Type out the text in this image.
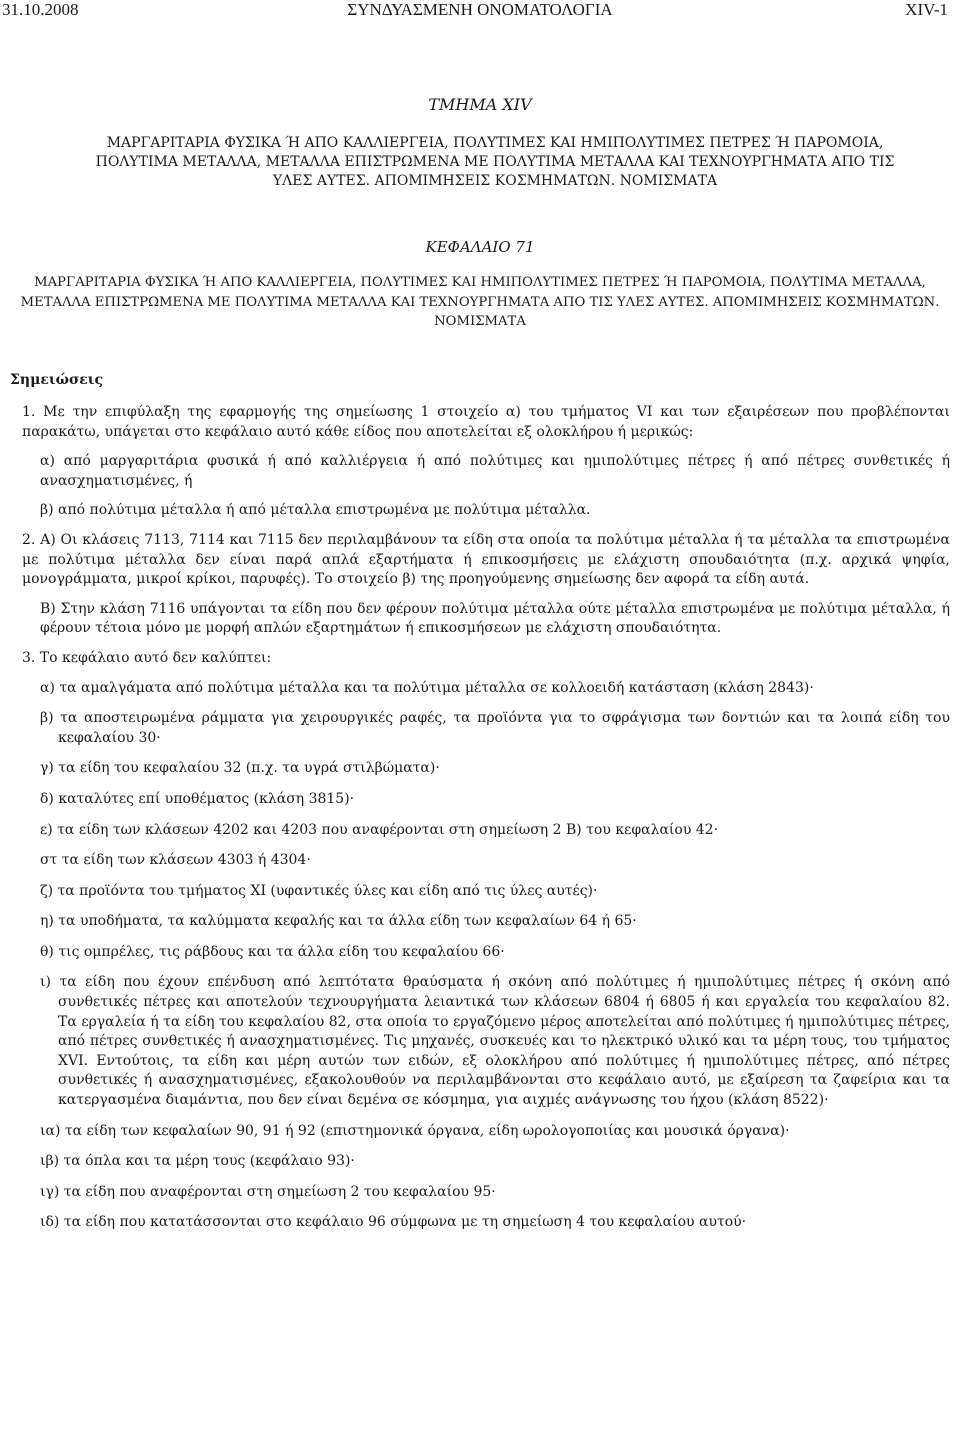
31.10.2008	ΣΥΝΔΥΑΣΜΕΝΗ ΟΝΟΜΑΤΟΛΟΓΙΑ	XIV-1
ΤΜΗΜΑ XIV
ΜΑΡΓΑΡΙΤΑΡΙΑ ΦΥΣΙΚΑ Ή ΑΠΟ ΚΑΛΛΙΕΡΓΕΙΑ, ΠΟΛΥΤΙΜΕΣ ΚΑΙ ΗΜΙΠΟΛΥΤΙΜΕΣ ΠΕΤΡΕΣ Ή ΠΑΡΟΜΟΙΑ, ΠΟΛΥΤΙΜΑ ΜΕΤΑΛΛΑ, ΜΕΤΑΛΛΑ ΕΠΙΣΤΡΩΜΕΝΑ ΜΕ ΠΟΛΥΤΙΜΑ ΜΕΤΑΛΛΑ ΚΑΙ ΤΕΧΝΟΥΡΓΗΜΑΤΑ ΑΠΟ ΤΙΣ ΥΛΕΣ ΑΥΤΕΣ. ΑΠΟΜΙΜΗΣΕΙΣ ΚΟΣΜΗΜΑΤΩΝ. ΝΟΜΙΣΜΑΤΑ
ΚΕΦΑΛΑΙΟ 71
ΜΑΡΓΑΡΙΤΑΡΙΑ ΦΥΣΙΚΑ Ή ΑΠΟ ΚΑΛΛΙΕΡΓΕΙΑ, ΠΟΛΥΤΙΜΕΣ ΚΑΙ ΗΜΙΠΟΛΥΤΙΜΕΣ ΠΕΤΡΕΣ Ή ΠΑΡΟΜΟΙΑ, ΠΟΛΥΤΙΜΑ ΜΕΤΑΛΛΑ, ΜΕΤΑΛΛΑ ΕΠΙΣΤΡΩΜΕΝΑ ΜΕ ΠΟΛΥΤΙΜΑ ΜΕΤΑΛΛΑ ΚΑΙ ΤΕΧΝΟΥΡΓΗΜΑΤΑ ΑΠΟ ΤΙΣ ΥΛΕΣ ΑΥΤΕΣ. ΑΠΟΜΙΜΗΣΕΙΣ ΚΟΣΜΗΜΑΤΩΝ. ΝΟΜΙΣΜΑΤΑ
Σημειώσεις

1. Με την επιφύλαξη της εφαρμογής της σημείωσης 1 στοιχείο α) του τμήματος VI και των εξαιρέσεων που προβλέπονται παρακάτω, υπάγεται στο κεφάλαιο αυτό κάθε είδος που αποτελείται εξ ολοκλήρου ή μερικώς:

α) από μαργαριτάρια φυσικά ή από καλλιέργεια ή από πολύτιμες και ημιπολύτιμες πέτρες ή από πέτρες συνθετικές ή ανασχηματισμένες, ή

β) από πολύτιμα μέταλλα ή από μέταλλα επιστρωμένα με πολύτιμα μέταλλα.

2. Α) Οι κλάσεις 7113, 7114 και 7115 δεν περιλαμβάνουν τα είδη στα οποία τα πολύτιμα μέταλλα ή τα μέταλλα τα επιστρωμένα με πολύτιμα μέταλλα δεν είναι παρά απλά εξαρτήματα ή επικοσμήσεις με ελάχιστη σπουδαιότητα (π.χ. αρχικά ψηφία, μονογράμματα, μικροί κρίκοι, παρυφές). Το στοιχείο β) της προηγούμενης σημείωσης δεν αφορά τα είδη αυτά.

Β) Στην κλάση 7116 υπάγονται τα είδη που δεν φέρουν πολύτιμα μέταλλα ούτε μέταλλα επιστρωμένα με πολύτιμα μέταλλα, ή φέρουν τέτοια μόνο με μορφή απλών εξαρτημάτων ή επικοσμήσεων με ελάχιστη σπουδαιότητα.

3. Το κεφάλαιο αυτό δεν καλύπτει:

α) τα αμαλγάματα από πολύτιμα μέταλλα και τα πολύτιμα μέταλλα σε κολλοειδή κατάσταση (κλάση 2843)·

β) τα αποστειρωμένα ράμματα για χειρουργικές ραφές, τα προϊόντα για το σφράγισμα των δοντιών και τα λοιπά είδη του κεφαλαίου 30·

γ) τα είδη του κεφαλαίου 32 (π.χ. τα υγρά στιλβώματα)·

δ) καταλύτες επί υποθέματος (κλάση 3815)·

ε) τα είδη των κλάσεων 4202 και 4203 που αναφέρονται στη σημείωση 2 Β) του κεφαλαίου 42·

στ τα είδη των κλάσεων 4303 ή 4304·

ζ) τα προϊόντα του τμήματος XI (υφαντικές ύλες και είδη από τις ύλες αυτές)·

η) τα υποδήματα, τα καλύμματα κεφαλής και τα άλλα είδη των κεφαλαίων 64 ή 65·

θ) τις ομπρέλες, τις ράβδους και τα άλλα είδη του κεφαλαίου 66·

ι) τα είδη που έχουν επένδυση από λεπτότατα θραύσματα ή σκόνη από πολύτιμες ή ημιπολύτιμες πέτρες ή σκόνη από συνθετικές πέτρες και αποτελούν τεχνουργήματα λειαντικά των κλάσεων 6804 ή 6805 ή και εργαλεία του κεφαλαίου 82. Τα εργαλεία ή τα είδη του κεφαλαίου 82, στα οποία το εργαζόμενο μέρος αποτελείται από πολύτιμες ή ημιπολύτιμες πέτρες, από πέτρες συνθετικές ή ανασχηματισμένες. Τις μηχανές, συσκευές και το ηλεκτρικό υλικό και τα μέρη τους, του τμήματος XVI. Εντούτοις, τα είδη και μέρη αυτών των ειδών, εξ ολοκλήρου από πολύτιμες ή ημιπολύτιμες πέτρες, από πέτρες συνθετικές ή ανασχηματισμένες, εξακολουθούν να περιλαμβάνονται στο κεφάλαιο αυτό, με εξαίρεση τα ζαφείρια και τα κατεργασμένα διαμάντια, που δεν είναι δεμένα σε κόσμημα, για αιχμές ανάγνωσης του ήχου (κλάση 8522)·

ια) τα είδη των κεφαλαίων 90, 91 ή 92 (επιστημονικά όργανα, είδη ωρολογοποιίας και μουσικά όργανα)·

ιβ) τα όπλα και τα μέρη τους (κεφάλαιο 93)·

ιγ) τα είδη που αναφέρονται στη σημείωση 2 του κεφαλαίου 95·

ιδ) τα είδη που κατατάσσονται στο κεφάλαιο 96 σύμφωνα με τη σημείωση 4 του κεφαλαίου αυτού·
